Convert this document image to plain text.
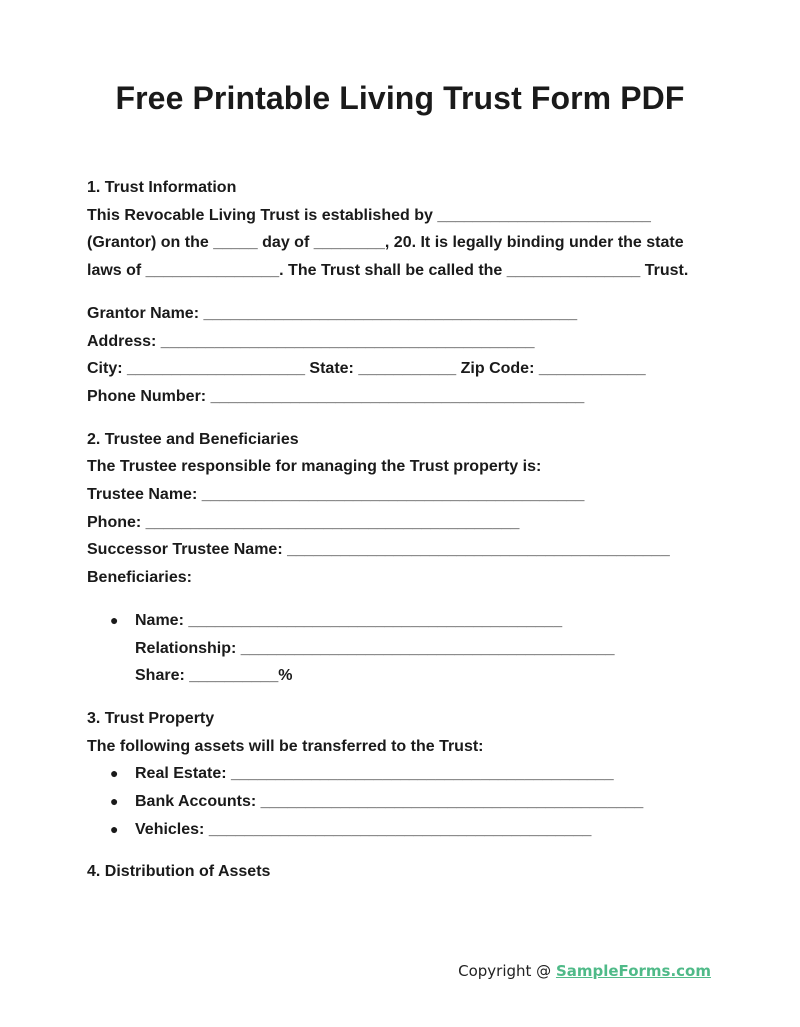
Free Printable Living Trust Form PDF

1. Trust Information

This Revocable Living Trust is established by ________________________

(Grantor) on the _____ day of ________, 20. It is legally binding under the state

laws of _______________. The Trust shall be called the _______________ Trust.

Grantor Name: __________________________________________

Address: __________________________________________

City: ____________________ State: ___________ Zip Code: ____________

Phone Number: __________________________________________

2. Trustee and Beneficiaries

The Trustee responsible for managing the Trust property is:

Trustee Name: ___________________________________________

Phone: __________________________________________

Successor Trustee Name: ___________________________________________

Beneficiaries:

● Name: __________________________________________
Relationship: __________________________________________
Share: __________%

3. Trust Property

The following assets will be transferred to the Trust:

● Real Estate: ___________________________________________
● Bank Accounts: ___________________________________________
● Vehicles: ___________________________________________

4. Distribution of Assets

Copyright @ SampleForms.com
